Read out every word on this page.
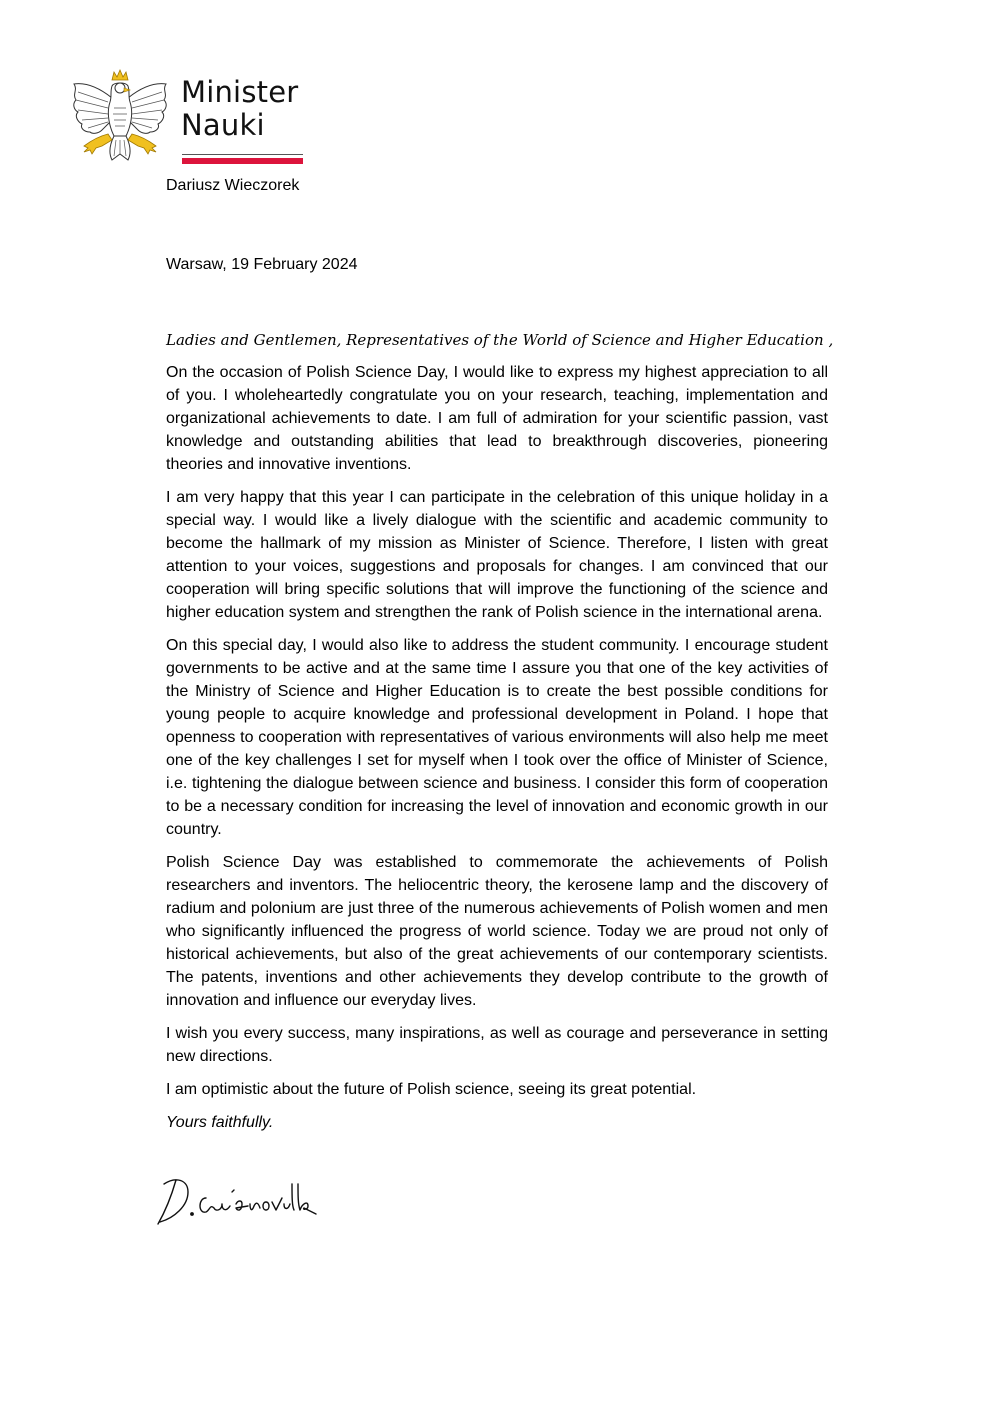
Minister
Nauki
Dariusz Wieczorek
Warsaw, 19 February 2024
Ladies and Gentlemen, Representatives of the World of Science and Higher Education ,

On the occasion of Polish Science Day, I would like to express my highest appreciation to all of you. I wholeheartedly congratulate you on your research, teaching, implementation and organizational achievements to date. I am full of admiration for your scientific passion, vast knowledge and outstanding abilities that lead to breakthrough discoveries, pioneering theories and innovative inventions.

I am very happy that this year I can participate in the celebration of this unique holiday in a special way. I would like a lively dialogue with the scientific and academic community to become the hallmark of my mission as Minister of Science. Therefore, I listen with great attention to your voices, suggestions and proposals for changes. I am convinced that our cooperation will bring specific solutions that will improve the functioning of the science and higher education system and strengthen the rank of Polish science in the international arena.

On this special day, I would also like to address the student community. I encourage student governments to be active and at the same time I assure you that one of the key activities of the Ministry of Science and Higher Education is to create the best possible conditions for young people to acquire knowledge and professional development in Poland. I hope that openness to cooperation with representatives of various environments will also help me meet one of the key challenges I set for myself when I took over the office of Minister of Science, i.e. tightening the dialogue between science and business. I consider this form of cooperation to be a necessary condition for increasing the level of innovation and economic growth in our country.

Polish Science Day was established to commemorate the achievements of Polish researchers and inventors. The heliocentric theory, the kerosene lamp and the discovery of radium and polonium are just three of the numerous achievements of Polish women and men who significantly influenced the progress of world science. Today we are proud not only of historical achievements, but also of the great achievements of our contemporary scientists. The patents, inventions and other achievements they develop contribute to the growth of innovation and influence our everyday lives.

I wish you every success, many inspirations, as well as courage and perseverance in setting new directions.

I am optimistic about the future of Polish science, seeing its great potential.

Yours faithfully.
